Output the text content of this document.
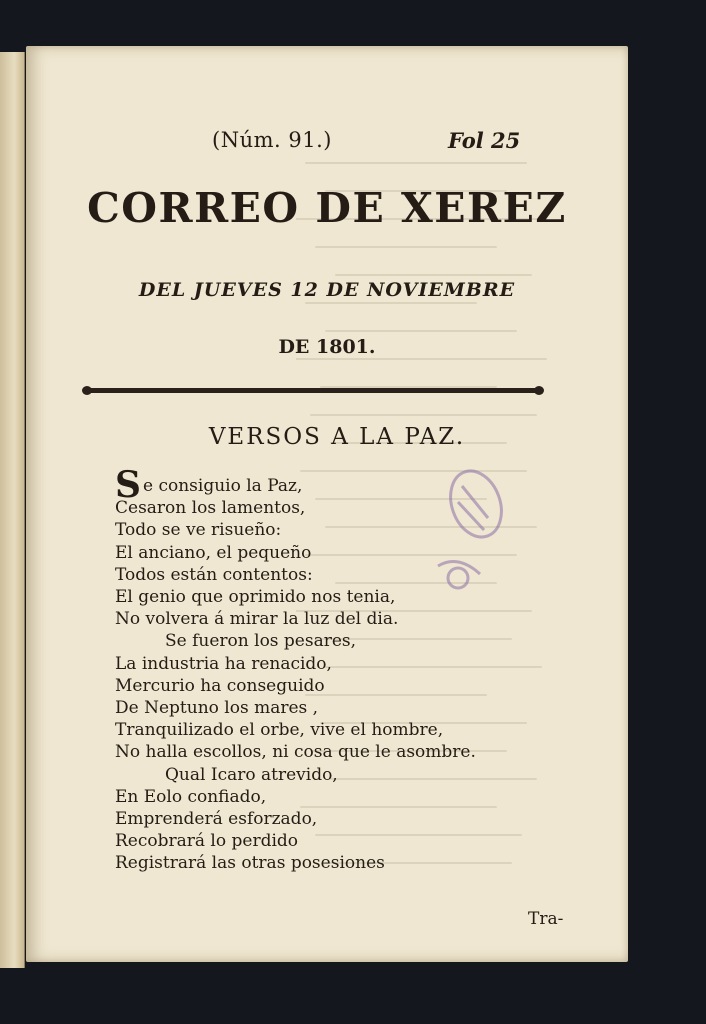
(Núm. 91.)	Fol 25
CORREO DE XEREZ
DEL JUEVES 12 DE NOVIEMBRE
DE 1801.
VERSOS A LA PAZ.
Se consiguio la Paz,
Cesaron los lamentos,
Todo se ve risueño:
El anciano, el pequeño
Todos están contentos:
El genio que oprimido nos tenia,
No volvera á mirar la luz del dia.
Se fueron los pesares,
La industria ha renacido,
Mercurio ha conseguido
De Neptuno los mares ,
Tranquilizado el orbe, vive el hombre,
No halla escollos, ni cosa que le asombre.
Qual Icaro atrevido,
En Eolo confiado,
Emprenderá esforzado,
Recobrará lo perdido
Registrará las otras posesiones
Tra-
